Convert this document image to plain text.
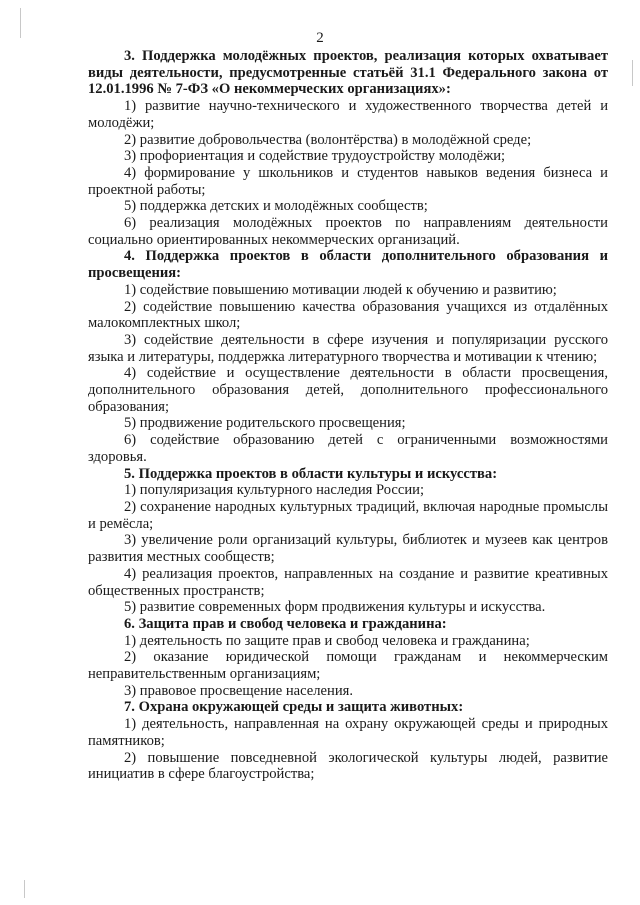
2

3. Поддержка молодёжных проектов, реализация которых охватывает виды деятельности, предусмотренные статьёй 31.1 Федерального закона от 12.01.1996 № 7-ФЗ «О некоммерческих организациях»:

1) развитие научно-технического и художественного творчества детей и молодёжи;

2) развитие добровольчества (волонтёрства) в молодёжной среде;

3) профориентация и содействие трудоустройству молодёжи;

4) формирование у школьников и студентов навыков ведения бизнеса и проектной работы;

5) поддержка детских и молодёжных сообществ;

6) реализация молодёжных проектов по направлениям деятельности социально ориентированных некоммерческих организаций.

4. Поддержка проектов в области дополнительного образования и просвещения:

1) содействие повышению мотивации людей к обучению и развитию;

2) содействие повышению качества образования учащихся из отдалённых малокомплектных школ;

3) содействие деятельности в сфере изучения и популяризации русского языка и литературы, поддержка литературного творчества и мотивации к чтению;

4) содействие и осуществление деятельности в области просвещения, дополнительного образования детей, дополнительного профессионального образования;

5) продвижение родительского просвещения;

6) содействие образованию детей с ограниченными возможностями здоровья.

5. Поддержка проектов в области культуры и искусства:

1) популяризация культурного наследия России;

2) сохранение народных культурных традиций, включая народные промыслы и ремёсла;

3) увеличение роли организаций культуры, библиотек и музеев как центров развития местных сообществ;

4) реализация проектов, направленных на создание и развитие креативных общественных пространств;

5) развитие современных форм продвижения культуры и искусства.

6. Защита прав и свобод человека и гражданина:

1) деятельность по защите прав и свобод человека и гражданина;

2) оказание юридической помощи гражданам и некоммерческим неправительственным организациям;

3) правовое просвещение населения.

7. Охрана окружающей среды и защита животных:

1) деятельность, направленная на охрану окружающей среды и природных памятников;

2) повышение повседневной экологической культуры людей, развитие инициатив в сфере благоустройства;
